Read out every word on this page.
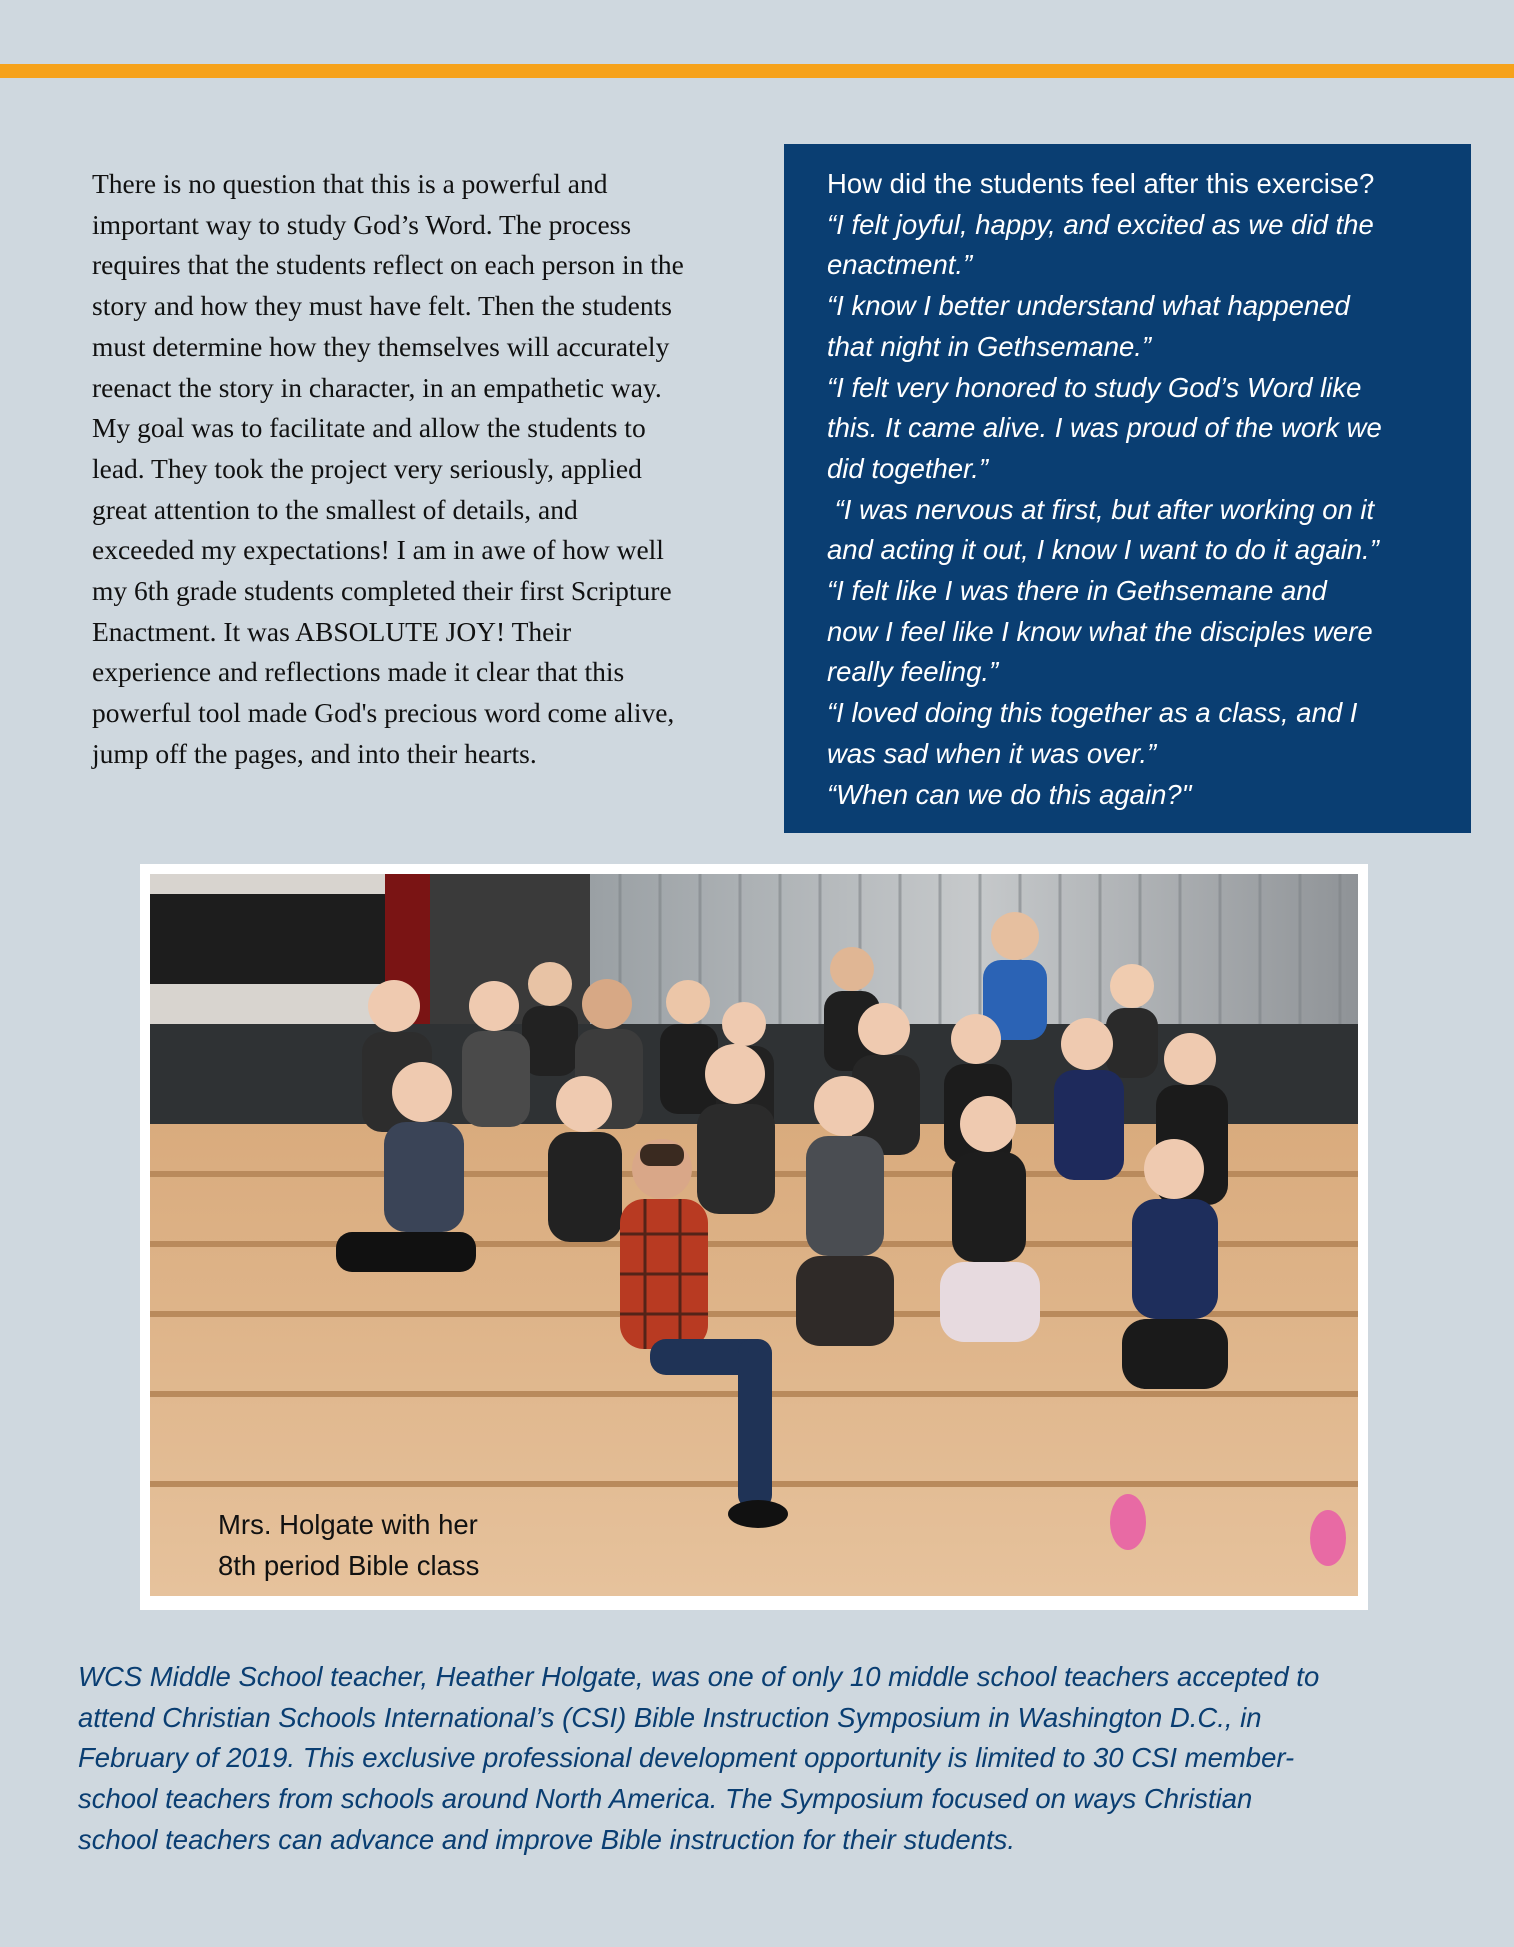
There is no question that this is a powerful and
important way to study God’s Word. The process
requires that the students reflect on each person in the
story and how they must have felt. Then the students
must determine how they themselves will accurately
reenact the story in character, in an empathetic way.
My goal was to facilitate and allow the students to
lead. They took the project very seriously, applied
great attention to the smallest of details, and
exceeded my expectations! I am in awe of how well
my 6th grade students completed their first Scripture
Enactment. It was ABSOLUTE JOY! Their
experience and reflections made it clear that this
powerful tool made God's precious word come alive,
jump off the pages, and into their hearts.
How did the students feel after this exercise?
“I felt joyful, happy, and excited as we did the
enactment.”
“I know I better understand what happened
that night in Gethsemane.”
“I felt very honored to study God’s Word like
this. It came alive. I was proud of the work we
did together.”
“I was nervous at first, but after working on it
and acting it out, I know I want to do it again.”
“I felt like I was there in Gethsemane and
now I feel like I know what the disciples were
really feeling.”
“I loved doing this together as a class, and I
was sad when it was over.”
“When can we do this again?"
Mrs. Holgate with her
8th period Bible class
WCS Middle School teacher, Heather Holgate, was one of only 10 middle school teachers accepted to
attend Christian Schools International’s (CSI) Bible Instruction Symposium in Washington D.C., in
February of 2019. This exclusive professional development opportunity is limited to 30 CSI member-
school teachers from schools around North America. The Symposium focused on ways Christian
school teachers can advance and improve Bible instruction for their students.
